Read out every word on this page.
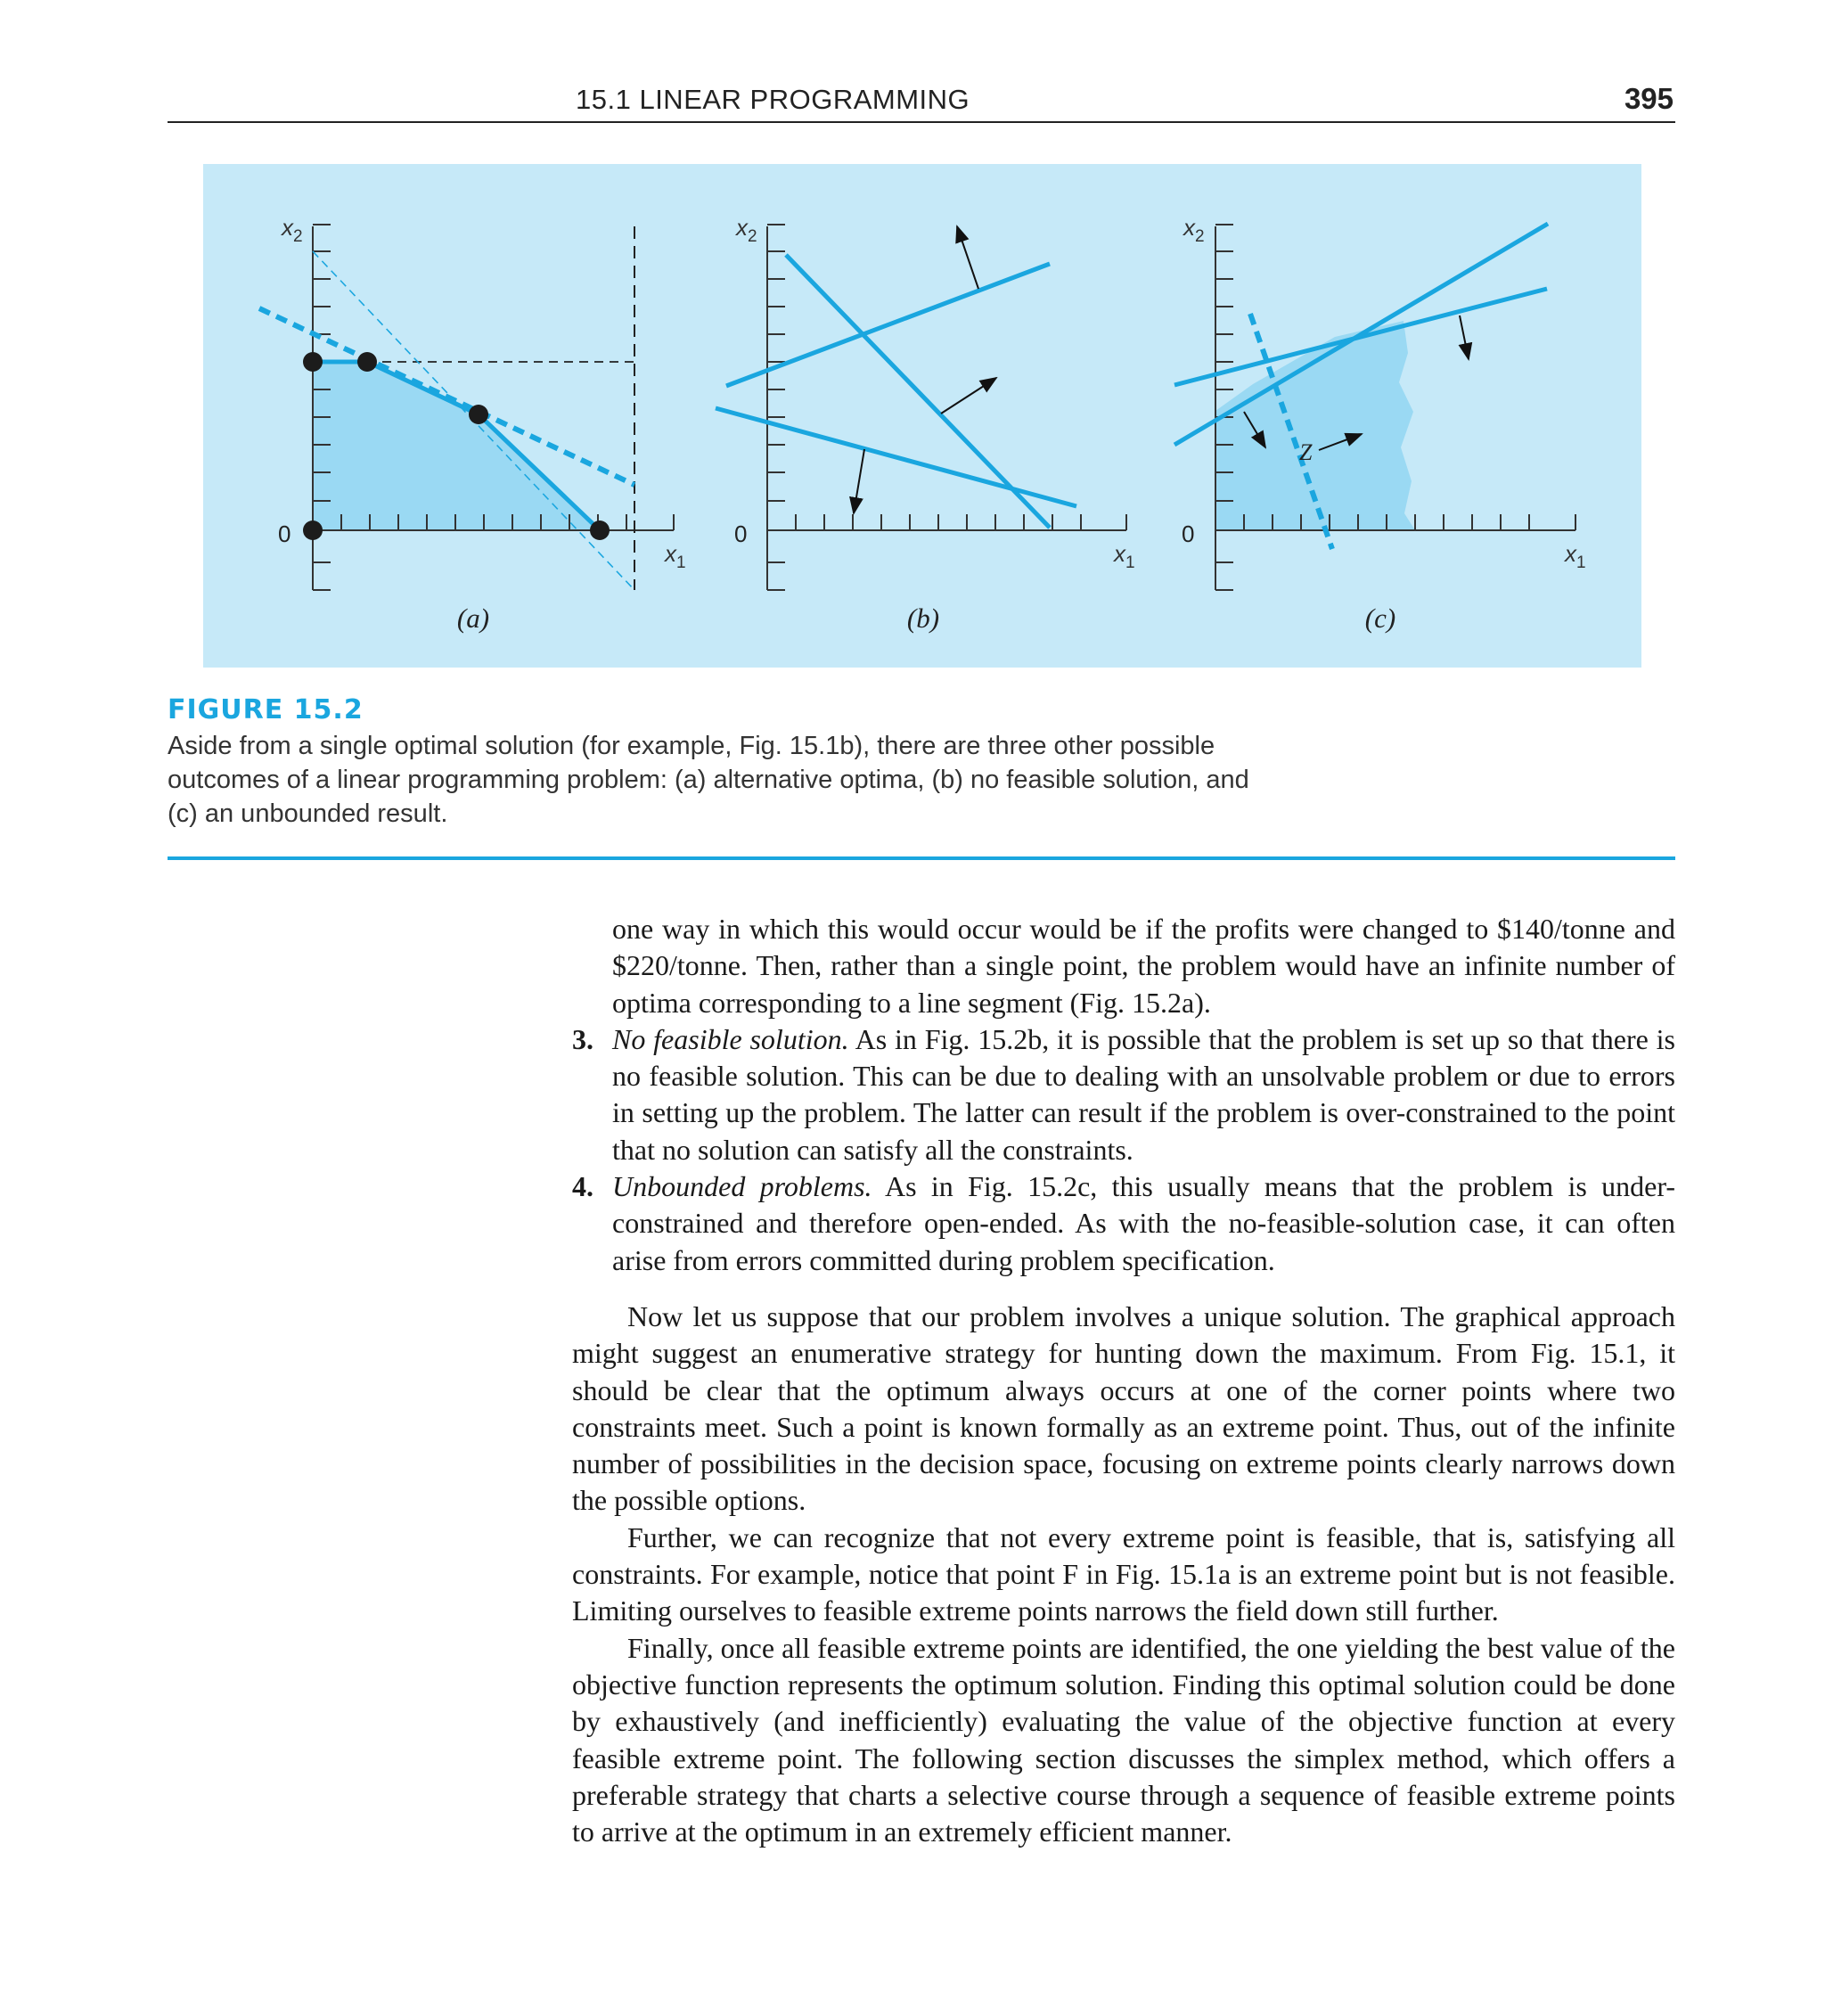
15.1 LINEAR PROGRAMMING	395
$x_2$
0
$x_1$
(a)
$x_2$
0
$x_1$
(b)
Z
$x_2$
0
$x_1$
(c)
FIGURE 15.2
Aside from a single optimal solution (for example, Fig. 15.1b), there are three other possible outcomes of a linear programming problem: (a) alternative optima, (b) no feasible solution, and (c) an unbounded result.

one way in which this would occur would be if the profits were changed to $140/tonne and $220/tonne. Then, rather than a single point, the problem would have an infinite number of optima corresponding to a line segment (Fig. 15.2a).

3. No feasible solution. As in Fig. 15.2b, it is possible that the problem is set up so that there is no feasible solution. This can be due to dealing with an unsolvable problem or due to errors in setting up the problem. The latter can result if the problem is over-constrained to the point that no solution can satisfy all the constraints.

4. Unbounded problems. As in Fig. 15.2c, this usually means that the problem is under-constrained and therefore open-ended. As with the no-feasible-solution case, it can often arise from errors committed during problem specification.

Now let us suppose that our problem involves a unique solution. The graphical approach might suggest an enumerative strategy for hunting down the maximum. From Fig. 15.1, it should be clear that the optimum always occurs at one of the corner points where two constraints meet. Such a point is known formally as an extreme point. Thus, out of the infinite number of possibilities in the decision space, focusing on extreme points clearly narrows down the possible options.

Further, we can recognize that not every extreme point is feasible, that is, satisfying all constraints. For example, notice that point F in Fig. 15.1a is an extreme point but is not feasible. Limiting ourselves to feasible extreme points narrows the field down still further.

Finally, once all feasible extreme points are identified, the one yielding the best value of the objective function represents the optimum solution. Finding this optimal solution could be done by exhaustively (and inefficiently) evaluating the value of the objective function at every feasible extreme point. The following section discusses the simplex method, which offers a preferable strategy that charts a selective course through a sequence of feasible extreme points to arrive at the optimum in an extremely efficient manner.
